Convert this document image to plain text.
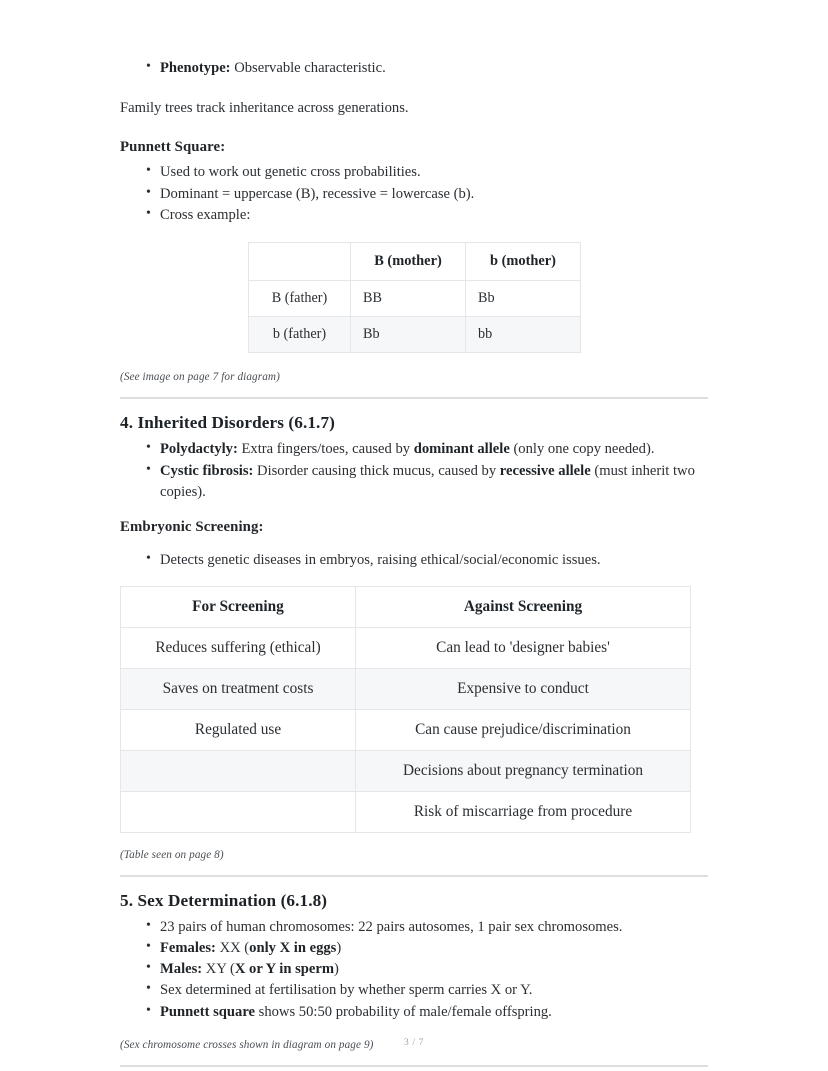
• Phenotype: Observable characteristic.

Family trees track inheritance across generations.

Punnett Square:
• Used to work out genetic cross probabilities.
• Dominant = uppercase (B), recessive = lowercase (b).
• Cross example:
	B (mother)	b (mother)
B (father)	BB	Bb
b (father)	Bb	bb

(See image on page 7 for diagram)

4. Inherited Disorders (6.1.7)
• Polydactyly: Extra fingers/toes, caused by dominant allele (only one copy needed).
• Cystic fibrosis: Disorder causing thick mucus, caused by recessive allele (must inherit two copies).
Embryonic Screening:
• Detects genetic diseases in embryos, raising ethical/social/economic issues.
For Screening	Against Screening
Reduces suffering (ethical)	Can lead to 'designer babies'
Saves on treatment costs	Expensive to conduct
Regulated use	Can cause prejudice/discrimination
	Decisions about pregnancy termination
	Risk of miscarriage from procedure

(Table seen on page 8)

5. Sex Determination (6.1.8)
• 23 pairs of human chromosomes: 22 pairs autosomes, 1 pair sex chromosomes.
• Females: XX (only X in eggs)
• Males: XY (X or Y in sperm)
• Sex determined at fertilisation by whether sperm carries X or Y.
• Punnett square shows 50:50 probability of male/female offspring.

(Sex chromosome crosses shown in diagram on page 9)	3 / 7
